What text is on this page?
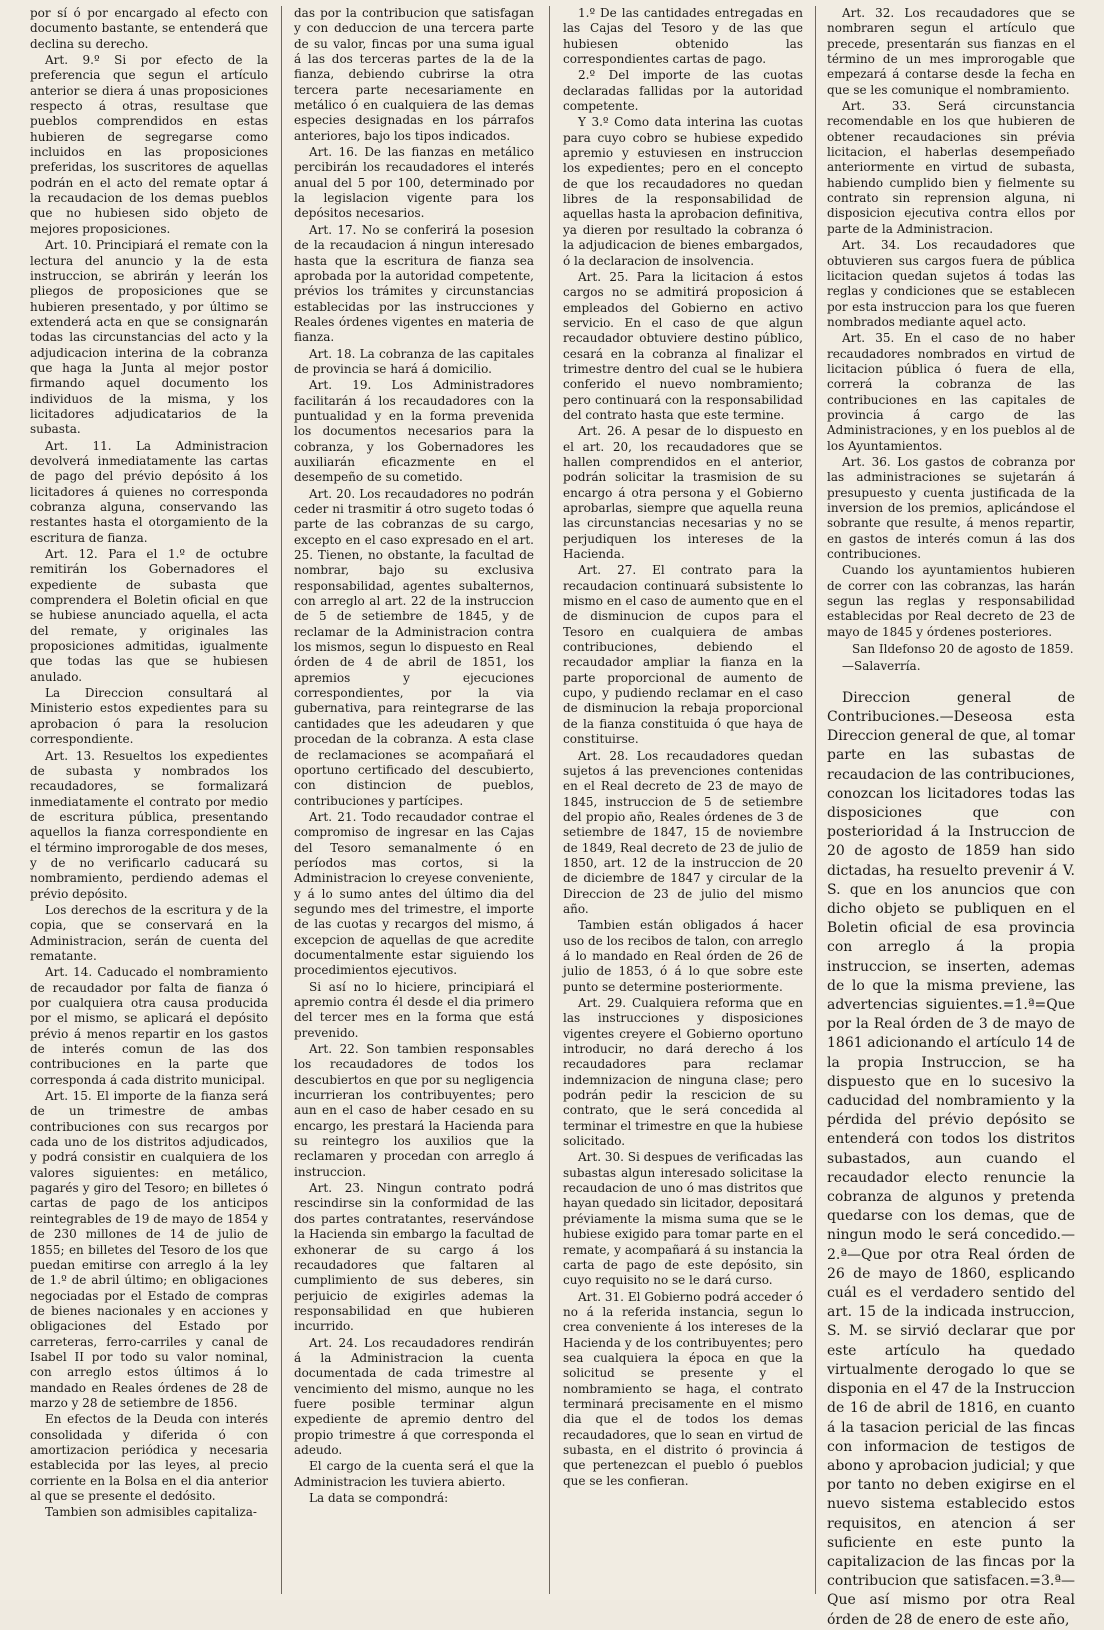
por sí ó por encargado al efecto con documento bastante, se entenderá que declina su derecho.

Art. 9.º Si por efecto de la preferencia que segun el artículo anterior se diera á unas proposiciones respecto á otras, resultase que pueblos comprendidos en estas hubieren de segregarse como incluidos en las proposiciones preferidas, los suscritores de aquellas podrán en el acto del remate optar á la recaudacion de los demas pueblos que no hubiesen sido objeto de mejores proposiciones.

Art. 10. Principiará el remate con la lectura del anuncio y la de esta instruccion, se abrirán y leerán los pliegos de proposiciones que se hubieren presentado, y por último se extenderá acta en que se consignarán todas las circunstancias del acto y la adjudicacion interina de la cobranza que haga la Junta al mejor postor firmando aquel documento los individuos de la misma, y los licitadores adjudicatarios de la subasta.

Art. 11. La Administracion devolverá inmediatamente las cartas de pago del prévio depósito á los licitadores á quienes no corresponda cobranza alguna, conservando las restantes hasta el otorgamiento de la escritura de fianza.

Art. 12. Para el 1.º de octubre remitirán los Gobernadores el expediente de subasta que comprendera el Boletin oficial en que se hubiese anunciado aquella, el acta del remate, y originales las proposiciones admitidas, igualmente que todas las que se hubiesen anulado.

La Direccion consultará al Ministerio estos expedientes para su aprobacion ó para la resolucion correspondiente.

Art. 13. Resueltos los expedientes de subasta y nombrados los recaudadores, se formalizará inmediatamente el contrato por medio de escritura pública, presentando aquellos la fianza correspondiente en el término improrogable de dos meses, y de no verificarlo caducará su nombramiento, perdiendo ademas el prévio depósito.

Los derechos de la escritura y de la copia, que se conservará en la Administracion, serán de cuenta del rematante.

Art. 14. Caducado el nombramiento de recaudador por falta de fianza ó por cualquiera otra causa producida por el mismo, se aplicará el depósito prévio á menos repartir en los gastos de interés comun de las dos contribuciones en la parte que corresponda á cada distrito municipal.

Art. 15. El importe de la fianza será de un trimestre de ambas contribuciones con sus recargos por cada uno de los distritos adjudicados, y podrá consistir en cualquiera de los valores siguientes: en metálico, pagarés y giro del Tesoro; en billetes ó cartas de pago de los anticipos reintegrables de 19 de mayo de 1854 y de 230 millones de 14 de julio de 1855; en billetes del Tesoro de los que puedan emitirse con arreglo á la ley de 1.º de abril último; en obligaciones negociadas por el Estado de compras de bienes nacionales y en acciones y obligaciones del Estado por carreteras, ferro-carriles y canal de Isabel II por todo su valor nominal, con arreglo estos últimos á lo mandado en Reales órdenes de 28 de marzo y 28 de setiembre de 1856.

En efectos de la Deuda con interés consolidada y diferida ó con amortizacion periódica y necesaria establecida por las leyes, al precio corriente en la Bolsa en el dia anterior al que se presente el dedósito.

Tambien son admisibles capitaliza-

das por la contribucion que satisfagan y con deduccion de una tercera parte de su valor, fincas por una suma igual á las dos terceras partes de la de la fianza, debiendo cubrirse la otra tercera parte necesariamente en metálico ó en cualquiera de las demas especies designadas en los párrafos anteriores, bajo los tipos indicados.

Art. 16. De las fianzas en metálico percibirán los recaudadores el interés anual del 5 por 100, determinado por la legislacion vigente para los depósitos necesarios.

Art. 17. No se conferirá la posesion de la recaudacion á ningun interesado hasta que la escritura de fianza sea aprobada por la autoridad competente, prévios los trámites y circunstancias establecidas por las instrucciones y Reales órdenes vigentes en materia de fianza.

Art. 18. La cobranza de las capitales de provincia se hará á domicilio.

Art. 19. Los Administradores facilitarán á los recaudadores con la puntualidad y en la forma prevenida los documentos necesarios para la cobranza, y los Gobernadores les auxiliarán eficazmente en el desempeño de su cometido.

Art. 20. Los recaudadores no podrán ceder ni trasmitir á otro sugeto todas ó parte de las cobranzas de su cargo, excepto en el caso expresado en el art. 25. Tienen, no obstante, la facultad de nombrar, bajo su exclusiva responsabilidad, agentes subalternos, con arreglo al art. 22 de la instruccion de 5 de setiembre de 1845, y de reclamar de la Administracion contra los mismos, segun lo dispuesto en Real órden de 4 de abril de 1851, los apremios y ejecuciones correspondientes, por la via gubernativa, para reintegrarse de las cantidades que les adeudaren y que procedan de la cobranza. A esta clase de reclamaciones se acompañará el oportuno certificado del descubierto, con distincion de pueblos, contribuciones y partícipes.

Art. 21. Todo recaudador contrae el compromiso de ingresar en las Cajas del Tesoro semanalmente ó en períodos mas cortos, si la Administracion lo creyese conveniente, y á lo sumo antes del último dia del segundo mes del trimestre, el importe de las cuotas y recargos del mismo, á excepcion de aquellas de que acredite documentalmente estar siguiendo los procedimientos ejecutivos.

Si así no lo hiciere, principiará el apremio contra él desde el dia primero del tercer mes en la forma que está prevenido.

Art. 22. Son tambien responsables los recaudadores de todos los descubiertos en que por su negligencia incurrieran los contribuyentes; pero aun en el caso de haber cesado en su encargo, les prestará la Hacienda para su reintegro los auxilios que la reclamaren y procedan con arreglo á instruccion.

Art. 23. Ningun contrato podrá rescindirse sin la conformidad de las dos partes contratantes, reservándose la Hacienda sin embargo la facultad de exhonerar de su cargo á los recaudadores que faltaren al cumplimiento de sus deberes, sin perjuicio de exigirles ademas la responsabilidad en que hubieren incurrido.

Art. 24. Los recaudadores rendirán á la Administracion la cuenta documentada de cada trimestre al vencimiento del mismo, aunque no les fuere posible terminar algun expediente de apremio dentro del propio trimestre á que corresponda el adeudo.

El cargo de la cuenta será el que la Administracion les tuviera abierto.

La data se compondrá:

1.º De las cantidades entregadas en las Cajas del Tesoro y de las que hubiesen obtenido las correspondientes cartas de pago.

2.º Del importe de las cuotas declaradas fallidas por la autoridad competente.

Y 3.º Como data interina las cuotas para cuyo cobro se hubiese expedido apremio y estuviesen en instruccion los expedientes; pero en el concepto de que los recaudadores no quedan libres de la responsabilidad de aquellas hasta la aprobacion definitiva, ya dieren por resultado la cobranza ó la adjudicacion de bienes embargados, ó la declaracion de insolvencia.

Art. 25. Para la licitacion á estos cargos no se admitirá proposicion á empleados del Gobierno en activo servicio. En el caso de que algun recaudador obtuviere destino público, cesará en la cobranza al finalizar el trimestre dentro del cual se le hubiera conferido el nuevo nombramiento; pero continuará con la responsabilidad del contrato hasta que este termine.

Art. 26. A pesar de lo dispuesto en el art. 20, los recaudadores que se hallen comprendidos en el anterior, podrán solicitar la trasmision de su encargo á otra persona y el Gobierno aprobarlas, siempre que aquella reuna las circunstancias necesarias y no se perjudiquen los intereses de la Hacienda.

Art. 27. El contrato para la recaudacion continuará subsistente lo mismo en el caso de aumento que en el de disminucion de cupos para el Tesoro en cualquiera de ambas contribuciones, debiendo el recaudador ampliar la fianza en la parte proporcional de aumento de cupo, y pudiendo reclamar en el caso de disminucion la rebaja proporcional de la fianza constituida ó que haya de constituirse.

Art. 28. Los recaudadores quedan sujetos á las prevenciones contenidas en el Real decreto de 23 de mayo de 1845, instruccion de 5 de setiembre del propio año, Reales órdenes de 3 de setiembre de 1847, 15 de noviembre de 1849, Real decreto de 23 de julio de 1850, art. 12 de la instruccion de 20 de diciembre de 1847 y circular de la Direccion de 23 de julio del mismo año.

Tambien están obligados á hacer uso de los recibos de talon, con arreglo á lo mandado en Real órden de 26 de julio de 1853, ó á lo que sobre este punto se determine posteriormente.

Art. 29. Cualquiera reforma que en las instrucciones y disposiciones vigentes creyere el Gobierno oportuno introducir, no dará derecho á los recaudadores para reclamar indemnizacion de ninguna clase; pero podrán pedir la rescicion de su contrato, que le será concedida al terminar el trimestre en que la hubiese solicitado.

Art. 30. Si despues de verificadas las subastas algun interesado solicitase la recaudacion de uno ó mas distritos que hayan quedado sin licitador, depositará préviamente la misma suma que se le hubiese exigido para tomar parte en el remate, y acompañará á su instancia la carta de pago de este depósito, sin cuyo requisito no se le dará curso.

Art. 31. El Gobierno podrá acceder ó no á la referida instancia, segun lo crea conveniente á los intereses de la Hacienda y de los contribuyentes; pero sea cualquiera la época en que la solicitud se presente y el nombramiento se haga, el contrato terminará precisamente en el mismo dia que el de todos los demas recaudadores, que lo sean en virtud de subasta, en el distrito ó provincia á que pertenezcan el pueblo ó pueblos que se les confieran.

Art. 32. Los recaudadores que se nombraren segun el artículo que precede, presentarán sus fianzas en el término de un mes improrogable que empezará á contarse desde la fecha en que se les comunique el nombramiento.

Art. 33. Será circunstancia recomendable en los que hubieren de obtener recaudaciones sin prévia licitacion, el haberlas desempeñado anteriormente en virtud de subasta, habiendo cumplido bien y fielmente su contrato sin reprension alguna, ni disposicion ejecutiva contra ellos por parte de la Administracion.

Art. 34. Los recaudadores que obtuvieren sus cargos fuera de pública licitacion quedan sujetos á todas las reglas y condiciones que se establecen por esta instruccion para los que fueren nombrados mediante aquel acto.

Art. 35. En el caso de no haber recaudadores nombrados en virtud de licitacion pública ó fuera de ella, correrá la cobranza de las contribuciones en las capitales de provincia á cargo de las Administraciones, y en los pueblos al de los Ayuntamientos.

Art. 36. Los gastos de cobranza por las administraciones se sujetarán á presupuesto y cuenta justificada de la inversion de los premios, aplicándose el sobrante que resulte, á menos repartir, en gastos de interés comun á las dos contribuciones.

Cuando los ayuntamientos hubieren de correr con las cobranzas, las harán segun las reglas y responsabilidad establecidas por Real decreto de 23 de mayo de 1845 y órdenes posteriores.

San Ildefonso 20 de agosto de 1859.

—Salaverría.

Direccion general de Contribuciones.—Deseosa esta Direccion general de que, al tomar parte en las subastas de recaudacion de las contribuciones, conozcan los licitadores todas las disposiciones que con posterioridad á la Instruccion de 20 de agosto de 1859 han sido dictadas, ha resuelto prevenir á V. S. que en los anuncios que con dicho objeto se publiquen en el Boletin oficial de esa provincia con arreglo á la propia instruccion, se inserten, ademas de lo que la misma previene, las advertencias siguientes.=1.ª=Que por la Real órden de 3 de mayo de 1861 adicionando el artículo 14 de la propia Instruccion, se ha dispuesto que en lo sucesivo la caducidad del nombramiento y la pérdida del prévio depósito se entenderá con todos los distritos subastados, aun cuando el recaudador electo renuncie la cobranza de algunos y pretenda quedarse con los demas, que de ningun modo le será concedido.—2.ª—Que por otra Real órden de 26 de mayo de 1860, esplicando cuál es el verdadero sentido del art. 15 de la indicada instruccion, S. M. se sirvió declarar que por este artículo ha quedado virtualmente derogado lo que se disponia en el 47 de la Instruccion de 16 de abril de 1816, en cuanto á la tasacion pericial de las fincas con informacion de testigos de abono y aprobacion judicial; y que por tanto no deben exigirse en el nuevo sistema establecido estos requisitos, en atencion á ser suficiente en este punto la capitalizacion de las fincas por la contribucion que satisfacen.=3.ª—Que así mismo por otra Real órden de 28 de enero de este año,
